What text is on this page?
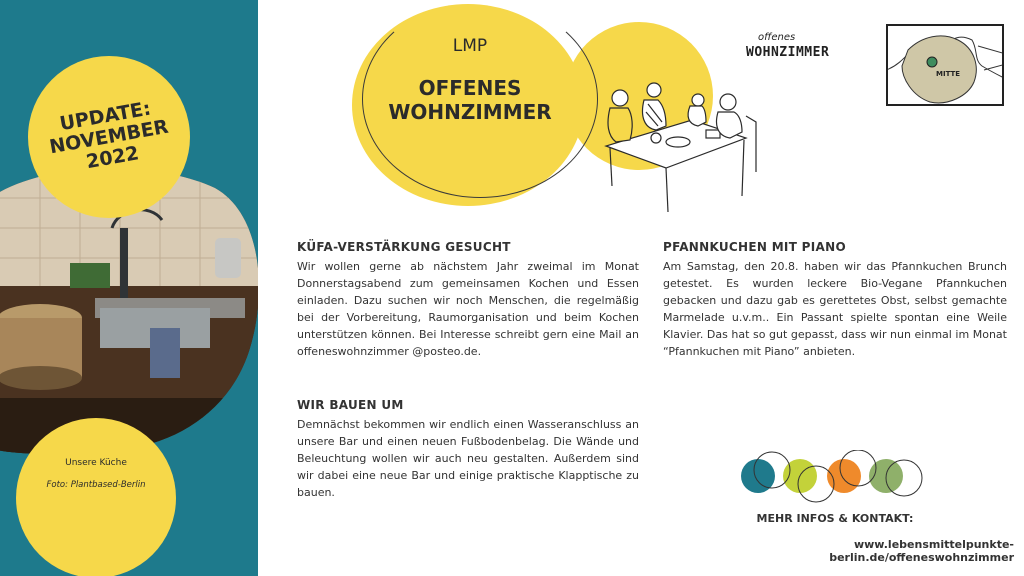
UPDATE: NOVEMBER 2022
Unsere Küche
Foto: Plantbased-Berlin
LMP
OFFENES WOHNZIMMER
offenes
WOHNZIMMER
MITTE
KÜFA-VERSTÄRKUNG GESUCHT

Wir wollen gerne ab nächstem Jahr zweimal im Monat Donnerstagsabend zum gemeinsamen Kochen und Essen einladen. Dazu suchen wir noch Menschen, die regelmäßig bei der Vorbereitung, Raumorganisation und beim Kochen unterstützen können. Bei Interesse schreibt gern eine Mail an offeneswohnzimmer @posteo.de.

WIR BAUEN UM

Demnächst bekommen wir endlich einen Wasseranschluss an unsere Bar und einen neuen Fußbodenbelag. Die Wände und Beleuchtung wollen wir auch neu gestalten. Außerdem sind wir dabei eine neue Bar und einige praktische Klapptische zu bauen.

PFANNKUCHEN MIT PIANO

Am Samstag, den 20.8. haben wir das Pfannkuchen Brunch getestet. Es wurden leckere Bio-Vegane Pfannkuchen gebacken und dazu gab es gerettetes Obst, selbst gemachte Marmelade u.v.m.. Ein Passant spielte spontan eine Weile Klavier. Das hat so gut gepasst, dass wir nun einmal im Monat “Pfannkuchen mit Piano” anbieten.

MEHR INFOS & KONTAKT:
www.lebensmittelpunkte-berlin.de/offeneswohnzimmer
